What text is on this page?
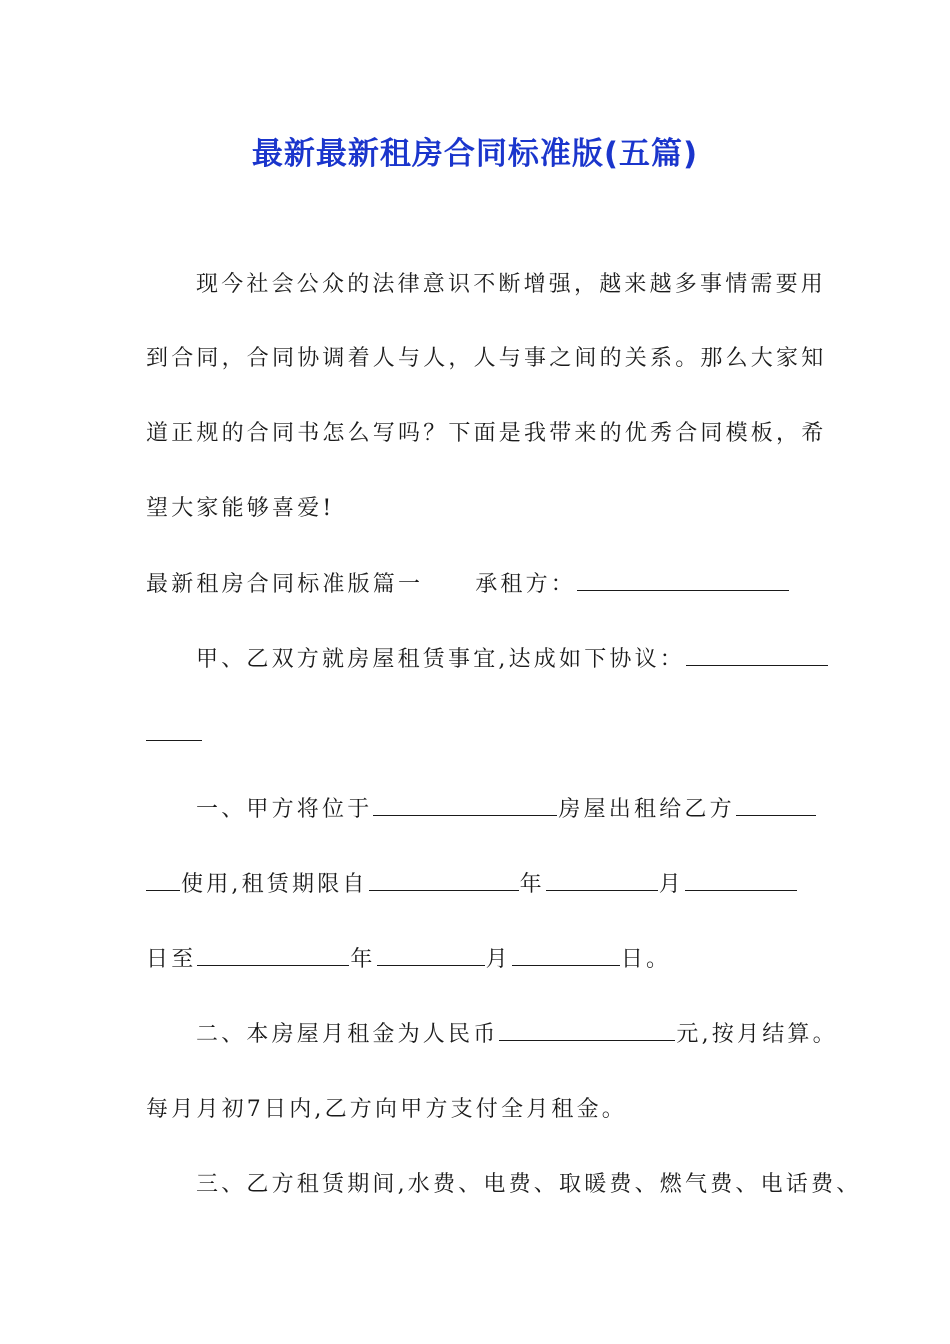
最新最新租房合同标准版(五篇)
现今社会公众的法律意识不断增强，越来越多事情需要用
到合同，合同协调着人与人，人与事之间的关系。那么大家知
道正规的合同书怎么写吗？下面是我带来的优秀合同模板，希
望大家能够喜爱!
最新租房合同标准版篇一 承租方：
甲、乙双方就房屋租赁事宜,达成如下协议：
一、甲方将位于	房屋出租给乙方
使用,租赁期限自	年	月
日至	年	月	日。
二、本房屋月租金为人民币	元,按月结算。
每月月初7日内,乙方向甲方支付全月租金。
三、乙方租赁期间,水费、电费、取暖费、燃气费、电话费、
